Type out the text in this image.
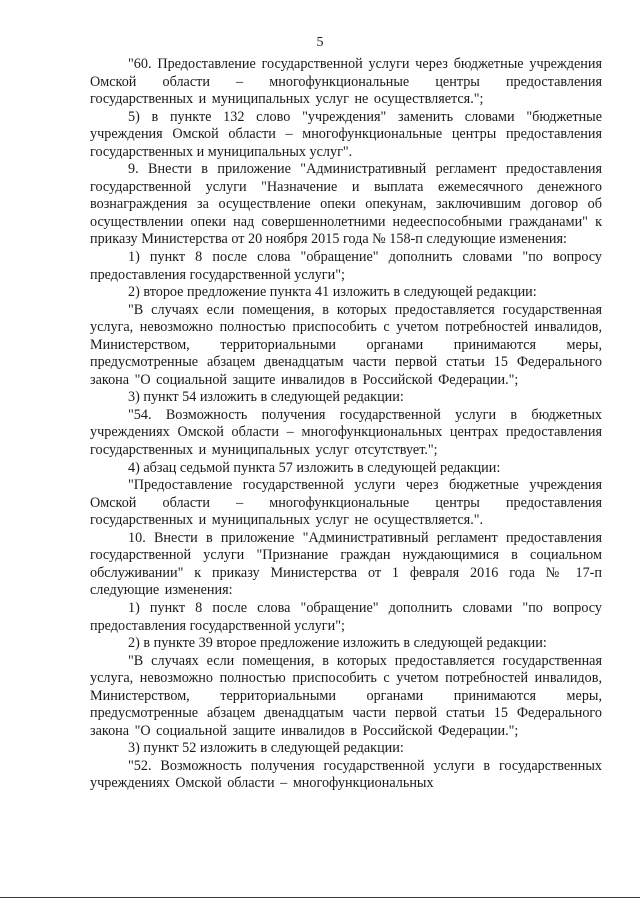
5

"60. Предоставление государственной услуги через бюджетные учреждения Омской области – многофункциональные центры предоставления государственных и муниципальных услуг не осуществляется.";

5) в пункте 132 слово "учреждения" заменить словами "бюджетные учреждения Омской области – многофункциональные центры предоставления государственных и муниципальных услуг".

9. Внести в приложение "Административный регламент предоставления государственной услуги "Назначение и выплата ежемесячного денежного вознаграждения за осуществление опеки опекунам, заключившим договор об осуществлении опеки над совершеннолетними недееспособными гражданами" к приказу Министерства от 20 ноября 2015 года № 158-п следующие изменения:

1) пункт 8 после слова "обращение" дополнить словами "по вопросу предоставления государственной услуги";

2) второе предложение пункта 41 изложить в следующей редакции:

"В случаях если помещения, в которых предоставляется государственная услуга, невозможно полностью приспособить с учетом потребностей инвалидов, Министерством, территориальными органами принимаются меры, предусмотренные абзацем двенадцатым части первой статьи 15 Федерального закона "О социальной защите инвалидов в Российской Федерации.";

3) пункт 54 изложить в следующей редакции:

"54. Возможность получения государственной услуги в бюджетных учреждениях Омской области – многофункциональных центрах предоставления государственных и муниципальных услуг отсутствует.";

4) абзац седьмой пункта 57 изложить в следующей редакции:

"Предоставление государственной услуги через бюджетные учреждения Омской области – многофункциональные центры предоставления государственных и муниципальных услуг не осуществляется.".

10. Внести в приложение "Административный регламент предоставления государственной услуги "Признание граждан нуждающимися в социальном обслуживании" к приказу Министерства от 1 февраля 2016 года № 17-п следующие изменения:

1) пункт 8 после слова "обращение" дополнить словами "по вопросу предоставления государственной услуги";

2) в пункте 39 второе предложение изложить в следующей редакции:

"В случаях если помещения, в которых предоставляется государственная услуга, невозможно полностью приспособить с учетом потребностей инвалидов, Министерством, территориальными органами принимаются меры, предусмотренные абзацем двенадцатым части первой статьи 15 Федерального закона "О социальной защите инвалидов в Российской Федерации.";

3) пункт 52 изложить в следующей редакции:

"52. Возможность получения государственной услуги в государственных учреждениях Омской области – многофункциональных
